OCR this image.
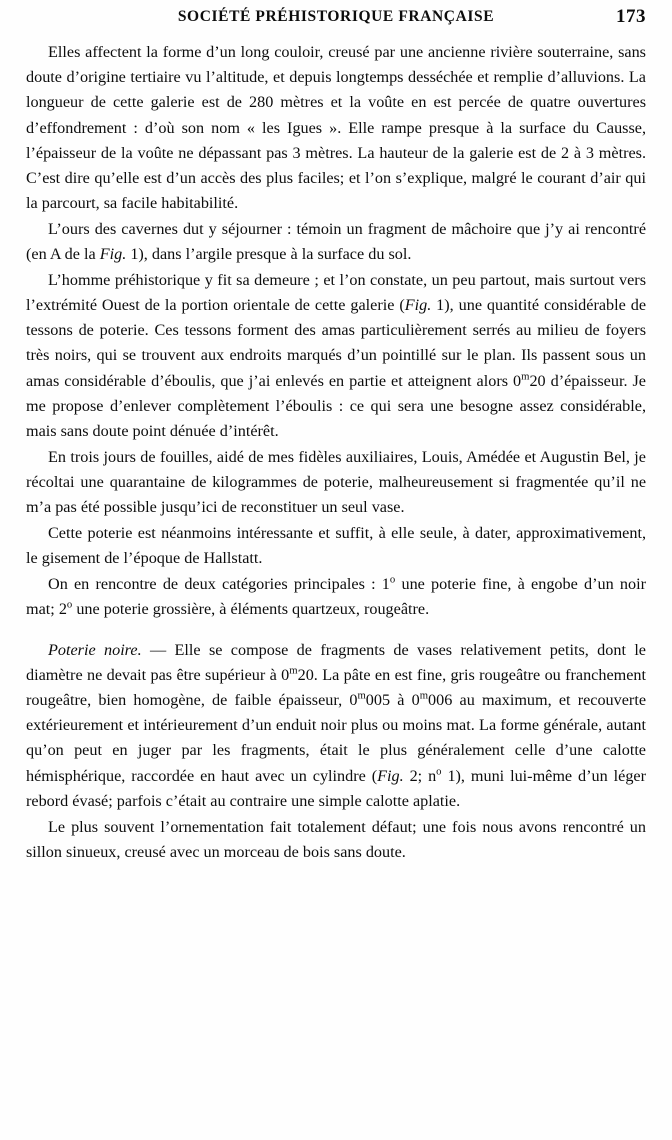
SOCIÉTÉ PRÉHISTORIQUE FRANÇAISE	173

Elles affectent la forme d’un long couloir, creusé par une ancienne rivière souterraine, sans doute d’origine tertiaire vu l’altitude, et depuis longtemps desséchée et remplie d’alluvions. La longueur de cette galerie est de 280 mètres et la voûte en est percée de quatre ouvertures d’effondrement : d’où son nom « les Igues ». Elle rampe presque à la surface du Causse, l’épaisseur de la voûte ne dépassant pas 3 mètres. La hauteur de la galerie est de 2 à 3 mètres. C’est dire qu’elle est d’un accès des plus faciles; et l’on s’explique, malgré le courant d’air qui la parcourt, sa facile habitabilité.

L’ours des cavernes dut y séjourner : témoin un fragment de mâchoire que j’y ai rencontré (en A de la Fig. 1), dans l’argile presque à la surface du sol.

L’homme préhistorique y fit sa demeure ; et l’on constate, un peu partout, mais surtout vers l’extrémité Ouest de la portion orientale de cette galerie (Fig. 1), une quantité considérable de tessons de poterie. Ces tessons forment des amas particulièrement serrés au milieu de foyers très noirs, qui se trouvent aux endroits marqués d’un pointillé sur le plan. Ils passent sous un amas considérable d’éboulis, que j’ai enlevés en partie et atteignent alors 0$^m$20 d’épaisseur. Je me propose d’enlever complètement l’éboulis : ce qui sera une besogne assez considérable, mais sans doute point dénuée d’intérêt.

En trois jours de fouilles, aidé de mes fidèles auxiliaires, Louis, Amédée et Augustin Bel, je récoltai une quarantaine de kilogrammes de poterie, malheureusement si fragmentée qu’il ne m’a pas été possible jusqu’ici de reconstituer un seul vase.

Cette poterie est néanmoins intéressante et suffit, à elle seule, à dater, approximativement, le gisement de l’époque de Hallstatt.

On en rencontre de deux catégories principales : 1$^o$ une poterie fine, à engobe d’un noir mat; 2$^o$ une poterie grossière, à éléments quartzeux, rougeâtre.

Poterie noire. — Elle se compose de fragments de vases relativement petits, dont le diamètre ne devait pas être supérieur à 0$^m$20. La pâte en est fine, gris rougeâtre ou franchement rougeâtre, bien homogène, de faible épaisseur, 0$^m$005 à 0$^m$006 au maximum, et recouverte extérieurement et intérieurement d’un enduit noir plus ou moins mat. La forme générale, autant qu’on peut en juger par les fragments, était le plus généralement celle d’une calotte hémisphérique, raccordée en haut avec un cylindre (Fig. 2; $n^o$ 1), muni lui-même d’un léger rebord évasé; parfois c’était au contraire une simple calotte aplatie.

Le plus souvent l’ornementation fait totalement défaut; une fois nous avons rencontré un sillon sinueux, creusé avec un morceau de bois sans doute.
